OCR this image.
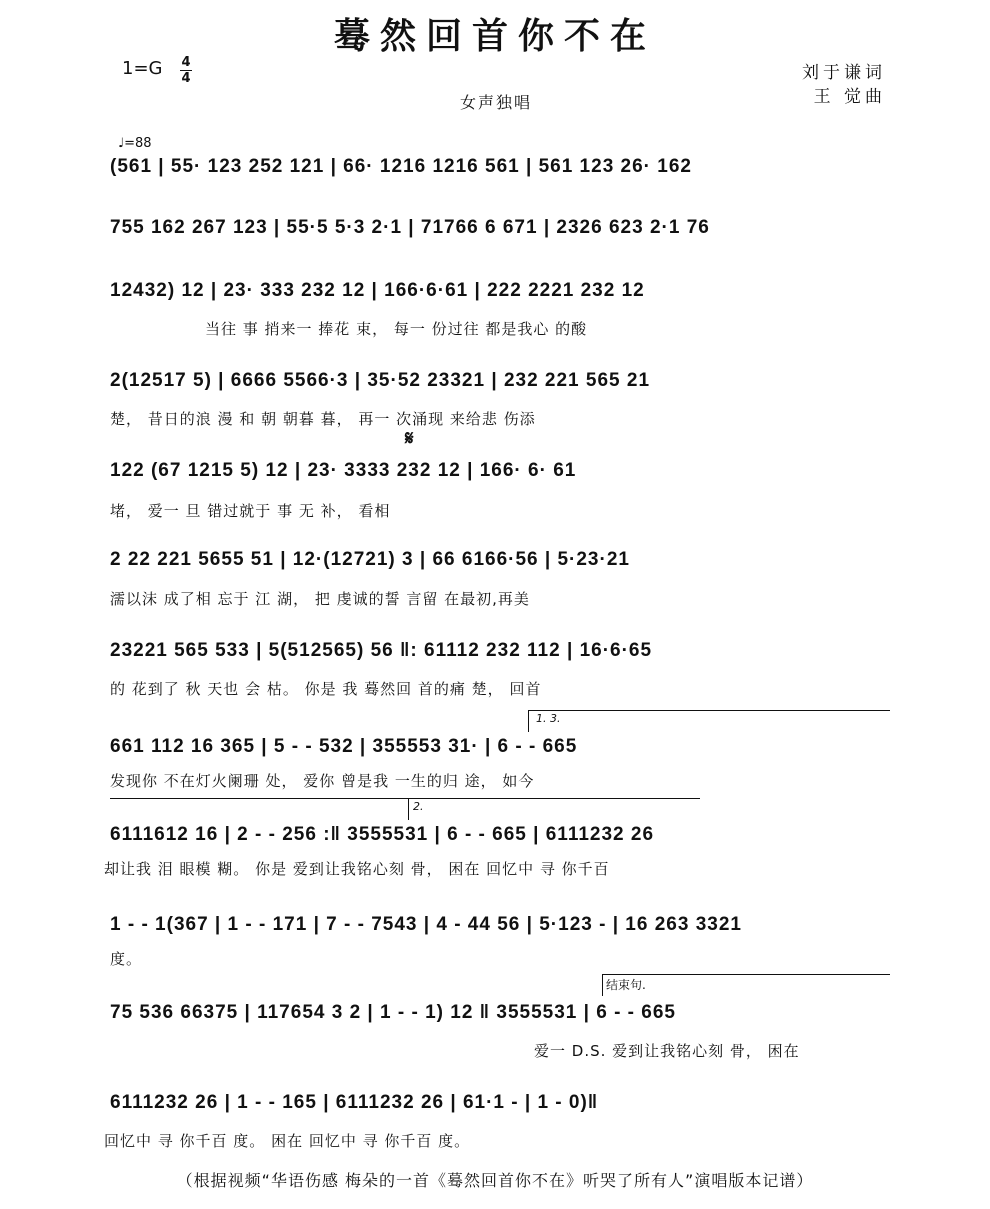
蓦然回首你不在
1=G 4
4	刘于谦词
王 觉曲
女声独唱
♩=88
(561 | 55· 123 252 121 | 66· 1216 1216 561 | 561 123 26· 162
755 162 267 123 | 55·5 5·3 2·1 | 71766 6 671 | 2326 623 2·1 76
12432) 12 | 23· 333 232 12 | 166·6·61 | 222 2221 232 12
当往 事 捎来一 捧花 束， 每一 份过往 都是我心 的酸
2(12517 5) | 6666 5566·3 | 35·52 23321 | 232 221 565 21
楚， 昔日的浪 漫 和 朝 朝暮 暮， 再一 次涌现 来给悲 伤添
𝄋
122 (67 1215 5) 12 | 23· 3333 232 12 | 166· 6· 61
堵， 爱一 旦 错过就于 事 无 补， 看相
2 22 221 5655 51 | 12·(12721) 3 | 66 6166·56 | 5·23·21
濡以沫 成了相 忘于 江 湖， 把 虔诚的誓 言留 在最初,再美
23221 565 533 | 5(512565) 56 ‖: 61112 232 112 | 16·6·65
的 花到了 秋 天也 会 枯。 你是 我 蓦然回 首的痛 楚， 回首
1. 3.
661 112 16 365 | 5 - - 532 | 355553 31· | 6 - - 665
发现你 不在灯火阑珊 处， 爱你 曾是我 一生的归 途， 如今
2.
6111612 16 | 2 - - 256 :‖ 3555531 | 6 - - 665 | 6111232 26
却让我 泪 眼模 糊。 你是 爱到让我铭心刻 骨， 困在 回忆中 寻 你千百
1 - - 1(367 | 1 - - 171 | 7 - - 7543 | 4 - 44 56 | 5·123 - | 16 263 3321
度。
结束句.
75 536 66375 | 117654 3 2 | 1 - - 1) 12 ‖ 3555531 | 6 - - 665
爱一 D.S. 爱到让我铭心刻 骨， 困在
6111232 26 | 1 - - 165 | 6111232 26 | 61·1 - | 1 - 0)‖
回忆中 寻 你千百 度。 困在 回忆中 寻 你千百 度。
（根据视频“华语伤感 梅朵的一首《蓦然回首你不在》听哭了所有人”演唱版本记谱）
